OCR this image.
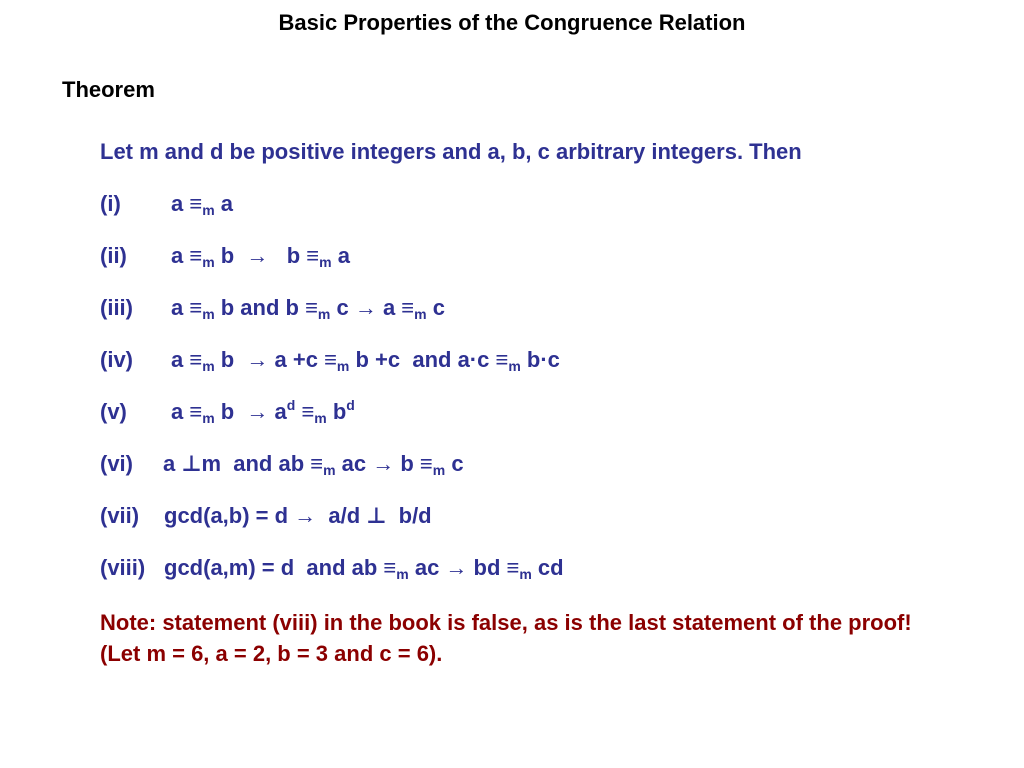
Basic Properties of the Congruence Relation
Theorem
Let m and d be positive integers and a, b, c arbitrary integers. Then
(i) $a \equiv_m$ a
(ii) $a \equiv_m$ $b \to b \equiv_m$ a
(iii) $a \equiv_m$ b and $b \equiv_m$ $c \to a \equiv_m$ c
(iv) $a \equiv_m$ $b \to a +c \equiv_m$ b +c  and $a\cdot c \equiv_m$ b·c
(v) $a \equiv_m$ $b \to a^d \equiv_m$ $b^d$
(vi) a ⊥m  and ab $\equiv_m$ ac → $b \equiv_m$ c
(vii) gcd(a,b) = d →  a/d ⊥  b/d
(viii) gcd(a,m) = d  and ab $\equiv_m$ ac → bd $\equiv_m$ cd
Note: statement (viii) in the book is false, as is the last statement of the proof! (Let m = 6, a = 2, b = 3 and c = 6).
